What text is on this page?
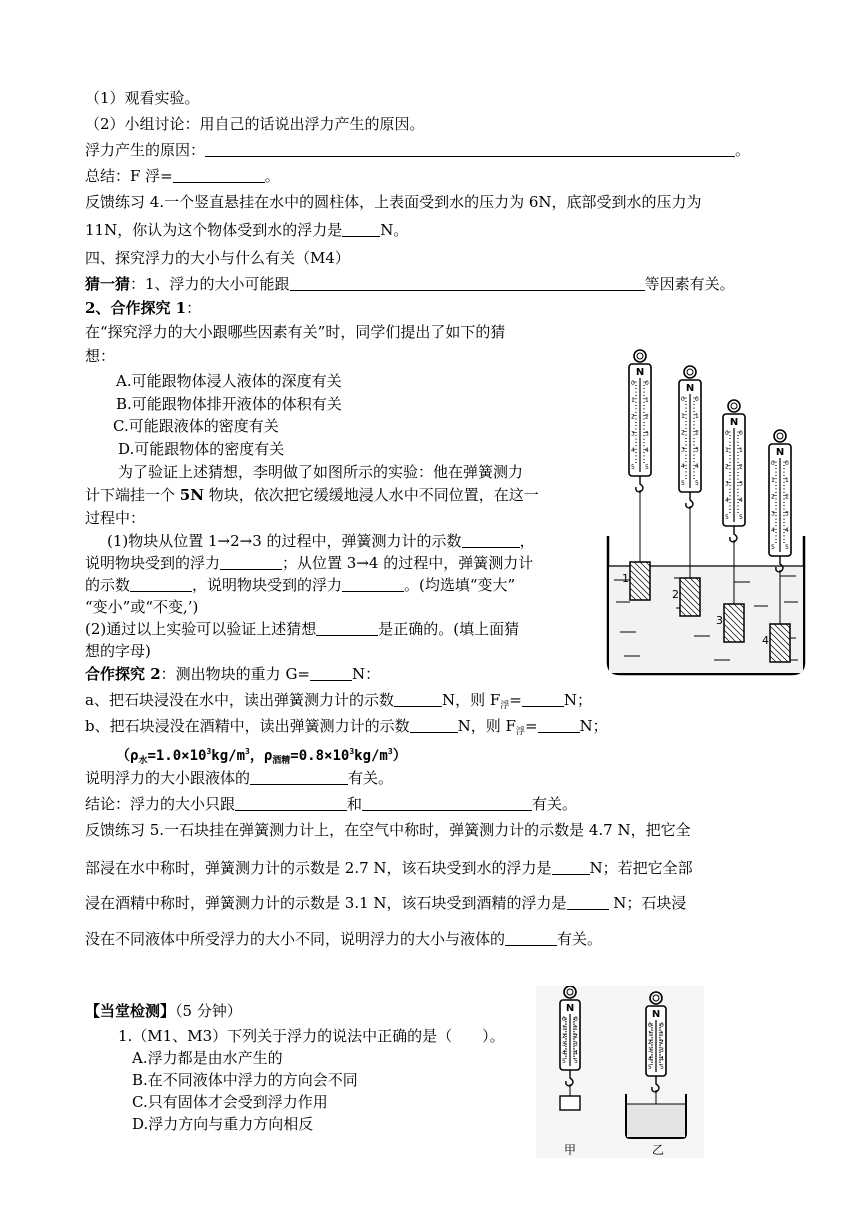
（1）观看实验。
（2）小组讨论：用自己的话说出浮力产生的原因。
浮力产生的原因：	。
总结：F 浮=	。
反馈练习 4.一个竖直悬挂在水中的圆柱体，上表面受到水的压力为 6N，底部受到水的压力为
11N，你认为这个物体受到水的浮力是	N。
四、探究浮力的大小与什么有关（M4）
猜一猜：1、浮力的大小可能跟	等因素有关。
2、合作探究 1：
在“探究浮力的大小跟哪些因素有关”时，同学们提出了如下的猜
想：
A.可能跟物体浸人液体的深度有关
B.可能跟物体排开液体的体积有关
C.可能跟液体的密度有关
D.可能跟物体的密度有关
为了验证上述猜想，李明做了如图所示的实验：他在弹簧测力
计下端挂一个 5N 物块，依次把它缓缓地浸人水中不同位置，在这一
过程中：
(1)物块从位置 1→2→3 的过程中，弹簧测力计的示数	，
说明物块受到的浮力	；从位置 3→4 的过程中，弹簧测力计
的示数	，说明物块受到的浮力	。(均选填“变大”
“变小”或“不变,’)
(2)通过以上实验可以验证上述猜想	是正确的。(填上面猜
想的字母)
合作探究 2：测出物块的重力 G=	N：
a、把石块浸没在水中，读出弹簧测力计的示数	N，则 $F_浮=$	N；
b、把石块浸没在酒精中，读出弹簧测力计的示数	N，则 $F_浮=$	N；
（$\rho_水=1.0\times 10^3kg/m^3$，$\rho_{酒精}=0.8\times 10^3kg/m^3$）
说明浮力的大小跟液体的	有关。
结论：浮力的大小只跟	和	有关。
反馈练习 5.一石块挂在弹簧测力计上，在空气中称时，弹簧测力计的示数是 4.7 N，把它全
部浸在水中称时，弹簧测力计的示数是 2.7 N，该石块受到水的浮力是	N；若把它全部
浸在酒精中称时，弹簧测力计的示数是 3.1 N，该石块受到酒精的浮力是	N；石块浸
没在不同液体中所受浮力的大小不同，说明浮力的大小与液体的	有关。
【当堂检测】（5 分钟）
1.（M1、M3）下列关于浮力的说法中正确的是（　　）。
A.浮力都是由水产生的
B.在不同液体中浮力的方向会不同
C.只有固体才会受到浮力作用
D.浮力方向与重力方向相反
N
0 0
1 1
2 2
3 3
4 4
5 5
N
0 0
1 1
2 2
3 3
4 4
5 5
N
0 0
1 1
2 2
3 3
4 4
5 5
N
0 0
1 1
2 2
3 3
4 4
5 5
1
2
3
4
N
0 0
1 1
2 2
3 3
4 4
5 5
N
0 0
1 1
2 2
3 3
4 4
5 5
甲	乙
